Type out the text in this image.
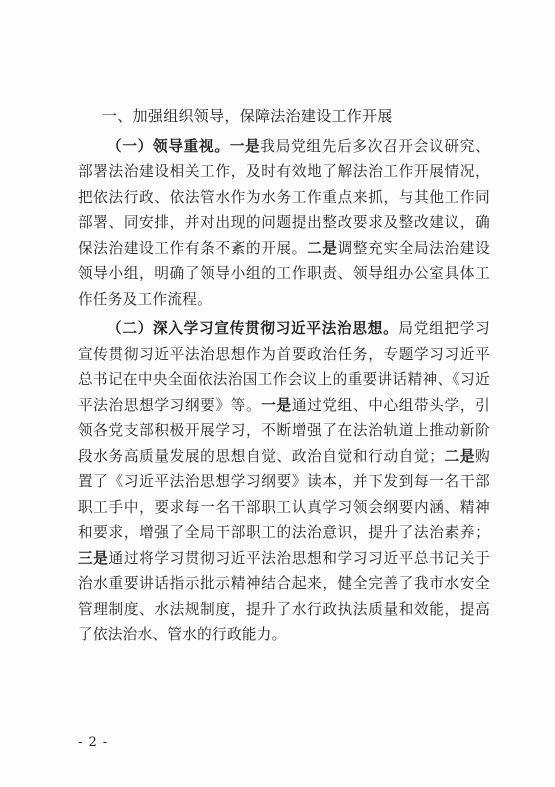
一、加强组织领导，保障法治建设工作开展

（一）领导重视。一是我局党组先后多次召开会议研究、部署法治建设相关工作，及时有效地了解法治工作开展情况，把依法行政、依法管水作为水务工作重点来抓，与其他工作同部署、同安排，并对出现的问题提出整改要求及整改建议，确保法治建设工作有条不紊的开展。二是调整充实全局法治建设领导小组，明确了领导小组的工作职责、领导组办公室具体工作任务及工作流程。

（二）深入学习宣传贯彻习近平法治思想。局党组把学习宣传贯彻习近平法治思想作为首要政治任务，专题学习习近平总书记在中央全面依法治国工作会议上的重要讲话精神、《习近平法治思想学习纲要》等。一是通过党组、中心组带头学，引领各党支部积极开展学习，不断增强了在法治轨道上推动新阶段水务高质量发展的思想自觉、政治自觉和行动自觉；二是购置了《习近平法治思想学习纲要》读本，并下发到每一名干部职工手中，要求每一名干部职工认真学习领会纲要内涵、精神和要求，增强了全局干部职工的法治意识，提升了法治素养；三是通过将学习贯彻习近平法治思想和学习习近平总书记关于治水重要讲话指示批示精神结合起来，健全完善了我市水安全管理制度、水法规制度，提升了水行政执法质量和效能，提高了依法治水、管水的行政能力。

- 2 -
